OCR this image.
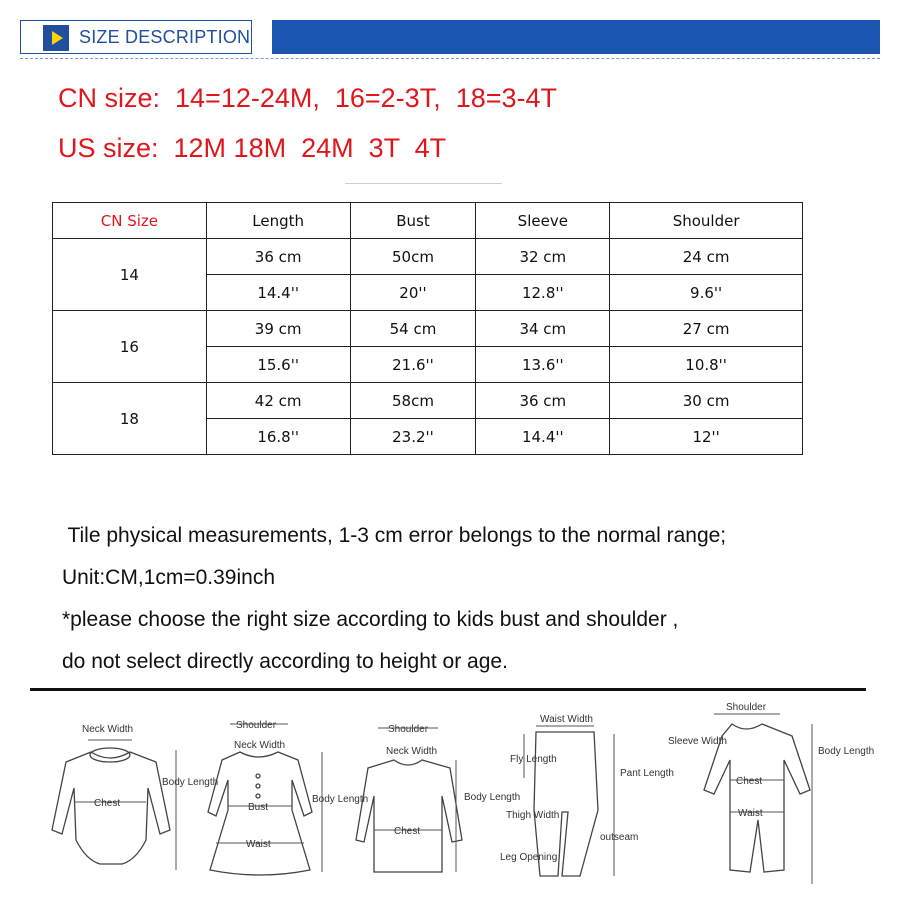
SIZE DESCRIPTION
CN size:  14=12-24M,  16=2-3T,  18=3-4T
US size:  12M 18M  24M  3T  4T
CN Size	Length	Bust	Sleeve	Shoulder
14	36 cm	50cm	32 cm	24 cm
	14.4''	20''	12.8''	9.6''
16	39 cm	54 cm	34 cm	27 cm
	15.6''	21.6''	13.6''	10.8''
18	42 cm	58cm	36 cm	30 cm
	16.8''	23.2''	14.4''	12''
Tile physical measurements, 1-3 cm error belongs to the normal range;
Unit:CM,1cm=0.39inch
*please choose the right size according to kids bust and shoulder ,
do not select directly according to height or age.
Neck Width
Chest
Body Length
Shoulder
Neck Width
Bust
Waist
Body Length
Shoulder
Neck Width
Chest
Body Length
Waist Width
Fly Length
Pant Length
Thigh Width
outseam
Leg Opening
Shoulder
Sleeve Width
Chest
Waist
Body Length
